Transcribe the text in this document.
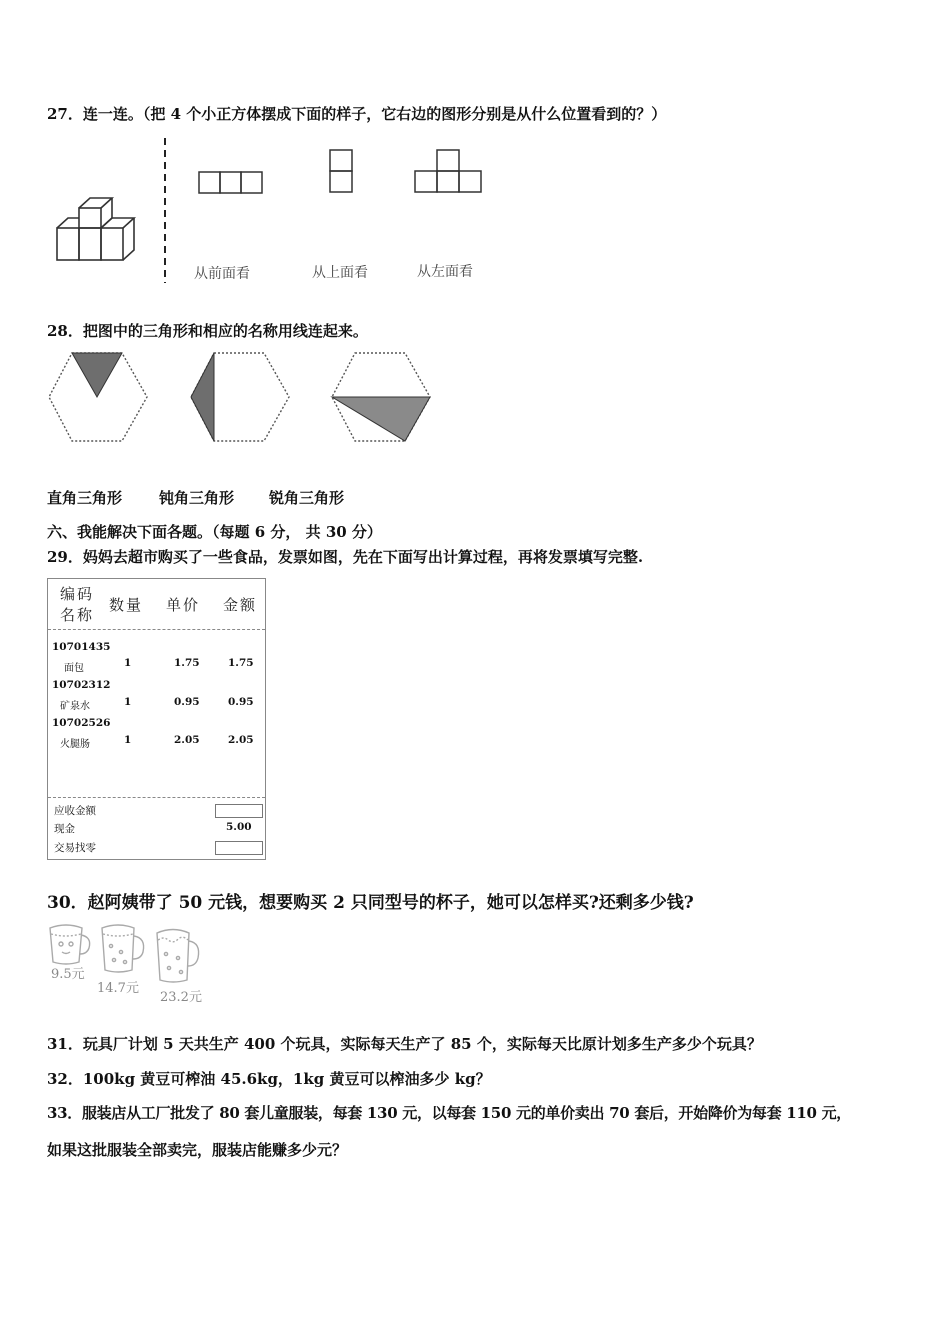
27．连一连。（把 4 个小正方体摆成下面的样子，它右边的图形分别是从什么位置看到的？）
从前面看	从上面看	从左面看
28．把图中的三角形和相应的名称用线连起来。
直角三角形 钝角三角形 锐角三角形
六、我能解决下面各题。（每题 6 分， 共 30 分）
29．妈妈去超市购买了一些食品，发票如图，先在下面写出计算过程，再将发票填写完整.
编码
名称
数量 单价 金额
10701435
面包	1	1.75	1.75
10702312
矿泉水	1	0.95	0.95
10702526
火腿肠	1	2.05	2.05
应收金额
现金	5.00
交易找零
30．赵阿姨带了 50 元钱，想要购买 2 只同型号的杯子，她可以怎样买?还剩多少钱?
9.5元
14.7元
23.2元
31．玩具厂计划 5 天共生产 400 个玩具，实际每天生产了 85 个，实际每天比原计划多生产多少个玩具？
32．100kg 黄豆可榨油 45.6kg，1kg 黄豆可以榨油多少 kg？
33．服装店从工厂批发了 80 套儿童服装，每套 130 元，以每套 150 元的单价卖出 70 套后，开始降价为每套 110 元，
如果这批服装全部卖完，服装店能赚多少元？
